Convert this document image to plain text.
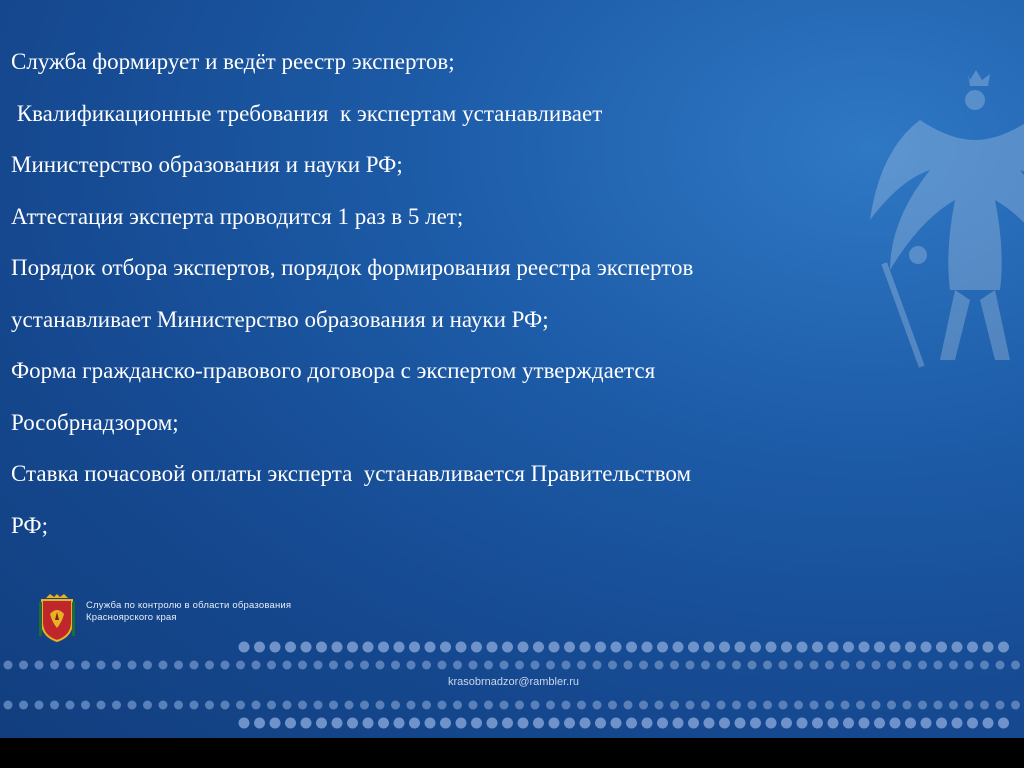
Служба формирует и ведёт реестр экспертов;

Квалификационные требования  к экспертам устанавливает

Министерство образования и науки РФ;

Аттестация эксперта проводится 1 раз в 5 лет;

Порядок отбора экспертов, порядок формирования реестра экспертов

устанавливает Министерство образования и науки РФ;

Форма гражданско-правового договора с экспертом утверждается

Рособрнадзором;

Ставка почасовой оплаты эксперта  устанавливается Правительством

РФ;

Служба по контролю в области образования
Красноярского края
krasobrnadzor@rambler.ru
